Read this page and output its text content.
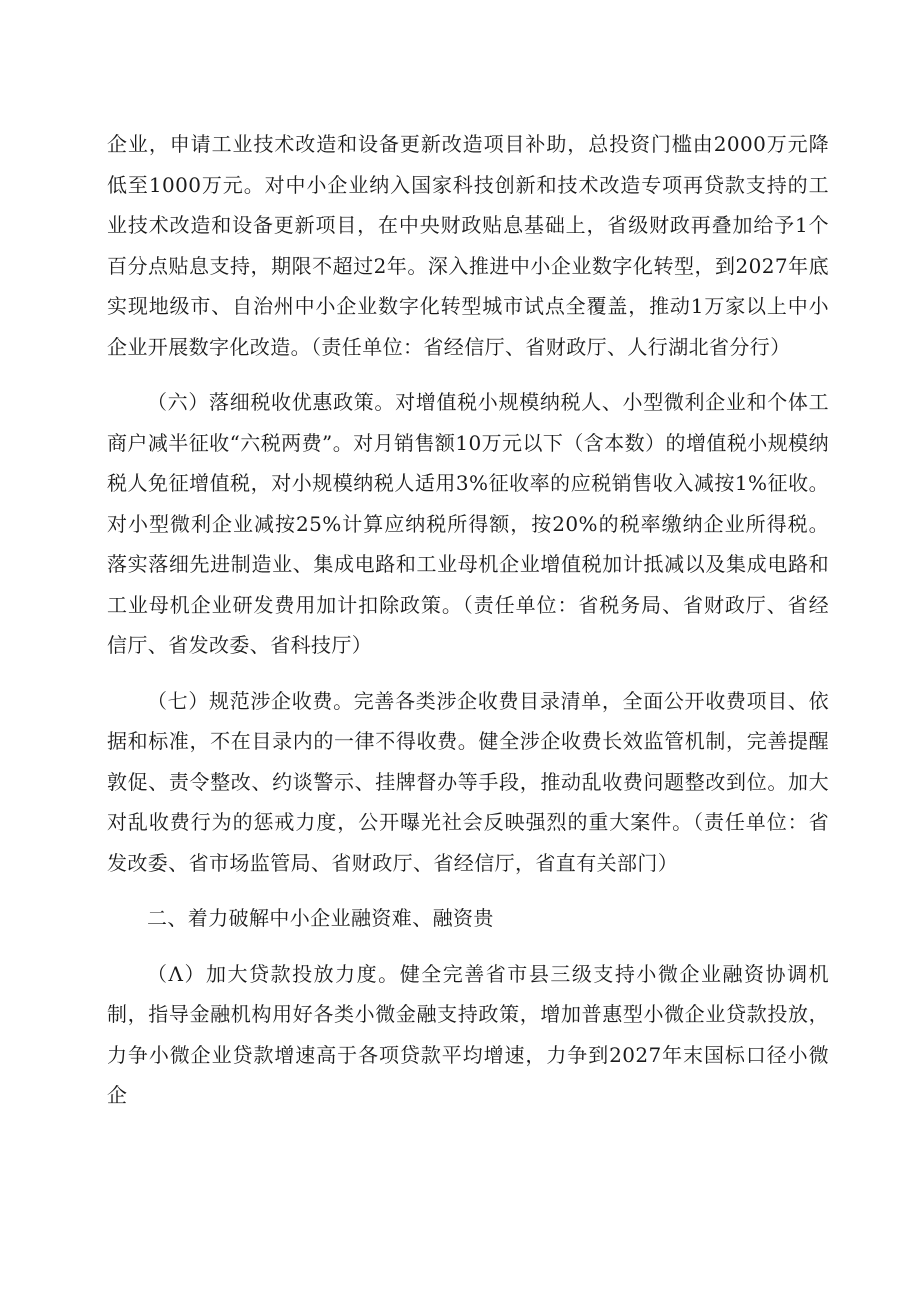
企业，申请工业技术改造和设备更新改造项目补助，总投资门槛由2000万元降低至1000万元。对中小企业纳入国家科技创新和技术改造专项再贷款支持的工业技术改造和设备更新项目，在中央财政贴息基础上，省级财政再叠加给予1个百分点贴息支持，期限不超过2年。深入推进中小企业数字化转型，到2027年底实现地级市、自治州中小企业数字化转型城市试点全覆盖，推动1万家以上中小企业开展数字化改造。（责任单位：省经信厅、省财政厅、人行湖北省分行）

（六）落细税收优惠政策。对增值税小规模纳税人、小型微利企业和个体工商户减半征收“六税两费”。对月销售额10万元以下（含本数）的增值税小规模纳税人免征增值税，对小规模纳税人适用3%征收率的应税销售收入减按1%征收。对小型微利企业减按25%计算应纳税所得额，按20%的税率缴纳企业所得税。落实落细先进制造业、集成电路和工业母机企业增值税加计抵减以及集成电路和工业母机企业研发费用加计扣除政策。（责任单位：省税务局、省财政厅、省经信厅、省发改委、省科技厅）

（七）规范涉企收费。完善各类涉企收费目录清单，全面公开收费项目、依据和标准，不在目录内的一律不得收费。健全涉企收费长效监管机制，完善提醒敦促、责令整改、约谈警示、挂牌督办等手段，推动乱收费问题整改到位。加大对乱收费行为的惩戒力度，公开曝光社会反映强烈的重大案件。（责任单位：省发改委、省市场监管局、省财政厅、省经信厅，省直有关部门）

二、着力破解中小企业融资难、融资贵

（Λ）加大贷款投放力度。健全完善省市县三级支持小微企业融资协调机制，指导金融机构用好各类小微金融支持政策，增加普惠型小微企业贷款投放，力争小微企业贷款增速高于各项贷款平均增速，力争到2027年末国标口径小微企
